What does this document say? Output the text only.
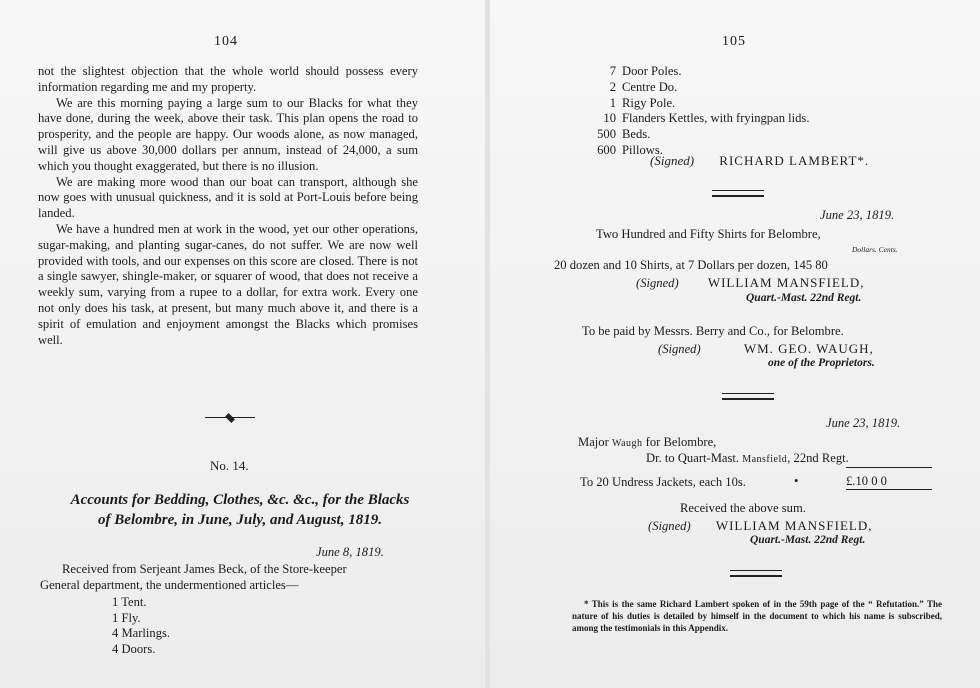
104

not the slightest objection that the whole world should possess every information regarding me and my property.

We are this morning paying a large sum to our Blacks for what they have done, during the week, above their task. This plan opens the road to prosperity, and the people are happy. Our woods alone, as now managed, will give us above 30,000 dollars per annum, instead of 24,000, a sum which you thought exaggerated, but there is no illusion.

We are making more wood than our boat can transport, although she now goes with unusual quickness, and it is sold at Port-Louis before being landed.

We have a hundred men at work in the wood, yet our other operations, sugar-making, and planting sugar-canes, do not suffer. We are now well provided with tools, and our expenses on this score are closed. There is not a single sawyer, shingle-maker, or squarer of wood, that does not receive a weekly sum, varying from a rupee to a dollar, for extra work. Every one not only does his task, at present, but many much above it, and there is a spirit of emulation and enjoyment amongst the Blacks which promises well.

No. 14.
Accounts for Bedding, Clothes, &c. &c., for the Blacks
of Belombre, in June, July, and August, 1819.
June 8, 1819.

Received from Serjeant James Beck, of the Store-keeper

General department, the undermentioned articles—

1 Tent.
1 Fly.
4 Marlings.
4 Doors.
105
7 Door Poles.
2 Centre Do.
1 Rigy Pole.
10 Flanders Kettles, with fryingpan lids.
500 Beds.
600 Pillows.
(Signed) RICHARD LAMBERT*.
June 23, 1819.
Two Hundred and Fifty Shirts for Belombre,
Dollars. Cents.
20 dozen and 10 Shirts, at 7 Dollars per dozen, 145 80
(Signed) WILLIAM MANSFIELD,
Quart.-Mast. 22nd Regt.
To be paid by Messrs. Berry and Co., for Belombre.
(Signed)	WM. GEO. WAUGH,
one of the Proprietors.
June 23, 1819.
Major Waugh for Belombre,
Dr. to Quart-Mast. Mansfield, 22nd Regt.
To 20 Undress Jackets, each 10s.	•	£.10 0 0
Received the above sum.
(Signed) WILLIAM MANSFIELD,
Quart.-Mast. 22nd Regt.

* This is the same Richard Lambert spoken of in the 59th page of the “ Refutation.” The nature of his duties is detailed by himself in the document to which his name is subscribed, among the testimonials in this Appendix.
